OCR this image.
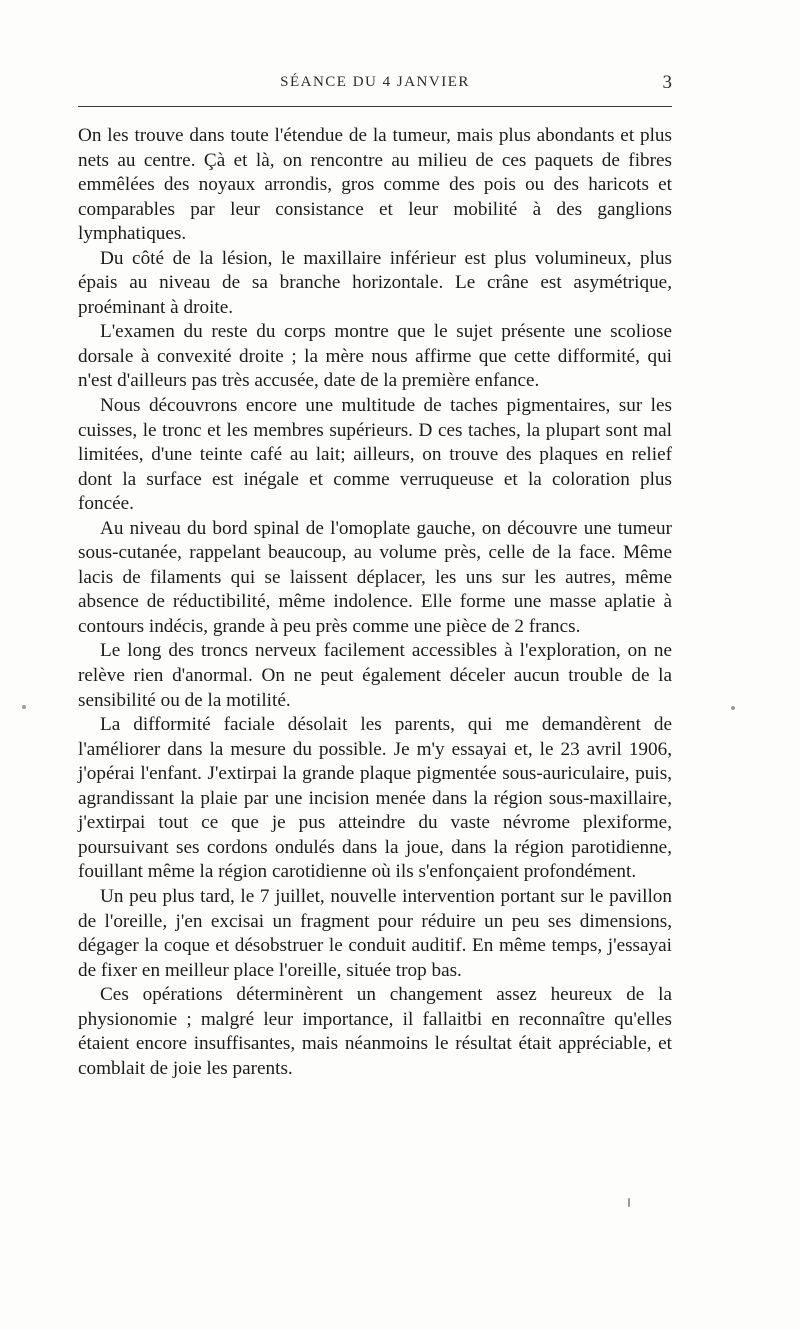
SÉANCE DU 4 JANVIER	3

On les trouve dans toute l'étendue de la tumeur, mais plus abondants et plus nets au centre. Çà et là, on rencontre au milieu de ces paquets de fibres emmêlées des noyaux arrondis, gros comme des pois ou des haricots et comparables par leur consistance et leur mobilité à des ganglions lymphatiques.

Du côté de la lésion, le maxillaire inférieur est plus volumineux, plus épais au niveau de sa branche horizontale. Le crâne est asymétrique, proéminant à droite.

L'examen du reste du corps montre que le sujet présente une scoliose dorsale à convexité droite ; la mère nous affirme que cette difformité, qui n'est d'ailleurs pas très accusée, date de la première enfance.

Nous découvrons encore une multitude de taches pigmentaires, sur les cuisses, le tronc et les membres supérieurs. D ces taches, la plupart sont mal limitées, d'une teinte café au lait; ailleurs, on trouve des plaques en relief dont la surface est inégale et comme verruqueuse et la coloration plus foncée.

Au niveau du bord spinal de l'omoplate gauche, on découvre une tumeur sous-cutanée, rappelant beaucoup, au volume près, celle de la face. Même lacis de filaments qui se laissent déplacer, les uns sur les autres, même absence de réductibilité, même indolence. Elle forme une masse aplatie à contours indécis, grande à peu près comme une pièce de 2 francs.

Le long des troncs nerveux facilement accessibles à l'exploration, on ne relève rien d'anormal. On ne peut également déceler aucun trouble de la sensibilité ou de la motilité.

La difformité faciale désolait les parents, qui me demandèrent de l'améliorer dans la mesure du possible. Je m'y essayai et, le 23 avril 1906, j'opérai l'enfant. J'extirpai la grande plaque pigmentée sous-auriculaire, puis, agrandissant la plaie par une incision menée dans la région sous-maxillaire, j'extirpai tout ce que je pus atteindre du vaste névrome plexiforme, poursuivant ses cordons ondulés dans la joue, dans la région parotidienne, fouillant même la région carotidienne où ils s'enfonçaient profondément.

Un peu plus tard, le 7 juillet, nouvelle intervention portant sur le pavillon de l'oreille, j'en excisai un fragment pour réduire un peu ses dimensions, dégager la coque et désobstruer le conduit auditif. En même temps, j'essayai de fixer en meilleur place l'oreille, située trop bas.

Ces opérations déterminèrent un changement assez heureux de la physionomie ; malgré leur importance, il fallaitbi en reconnaître qu'elles étaient encore insuffisantes, mais néanmoins le résultat était appréciable, et comblait de joie les parents.
